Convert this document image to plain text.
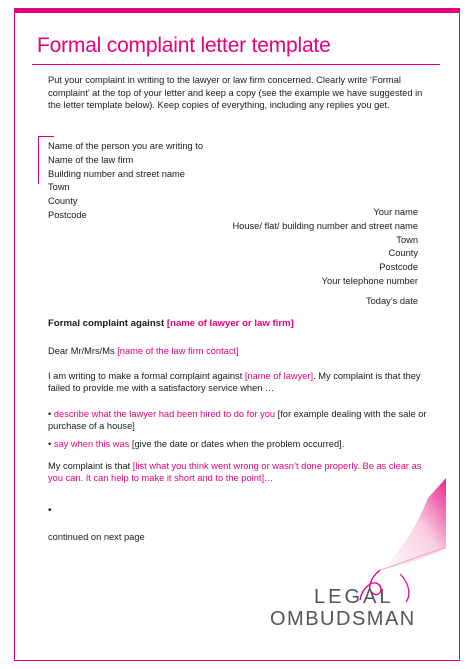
Formal complaint letter template
Put your complaint in writing to the lawyer or law firm concerned. Clearly write ‘Formal complaint’ at the top of your letter and keep a copy (see the example we have suggested in the letter template below). Keep copies of everything, including any replies you get.
Name of the person you are writing to
Name of the law firm
Building number and street name
Town
County
Postcode	Your name
House/ flat/ building number and street name
Town
County
Postcode
Your telephone number
Today’s date
Formal complaint against [name of lawyer or law firm]
Dear Mr/Mrs/Ms [name of the law firm contact]
I am writing to make a formal complaint against [name of lawyer]. My complaint is that they failed to provide me with a satisfactory service when …
• describe what the lawyer had been hired to do for you [for example dealing with the sale or purchase of a house]
• say when this was [give the date or dates when the problem occurred].
My complaint is that [list what you think went wrong or wasn’t done properly. Be as clear as you can. It can help to make it short and to the point]…
•
continued on next page
LEGAL
OMBUDSMAN
